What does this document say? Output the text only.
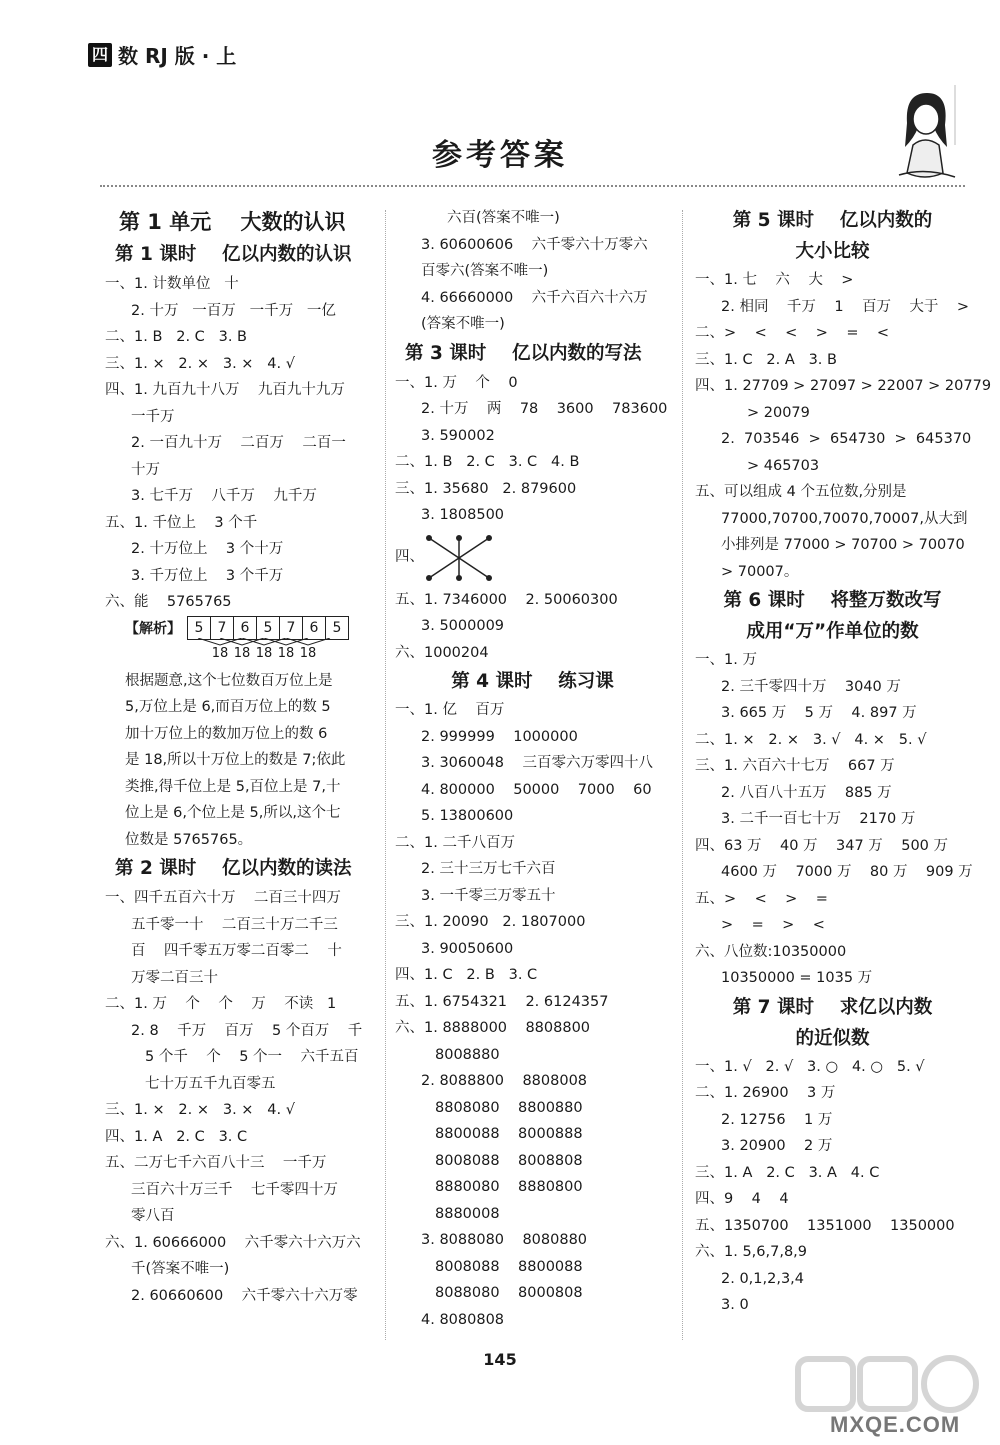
四 数 RJ 版 · 上
参考答案
第 1 单元    大数的认识
第 1 课时    亿以内数的认识
一、1. 计数单位   十
2. 十万   一百万   一千万   一亿
二、1. B   2. C   3. B
三、1. ×   2. ×   3. ×   4. √
四、1. 九百九十八万    九百九十九万
一千万
2. 一百九十万    二百万    二百一
十万
3. 七千万    八千万    九千万
五、1. 千位上    3 个千
2. 十万位上    3 个十万
3. 千万位上    3 个千万
六、能    5765765
【解析】 5	7	6	5	7	6	5
18 18 18 18 18
根据题意,这个七位数百万位上是
5,万位上是 6,而百万位上的数 5
加十万位上的数加万位上的数 6
是 18,所以十万位上的数是 7;依此
类推,得千位上是 5,百位上是 7,十
位上是 6,个位上是 5,所以,这个七
位数是 5765765。
第 2 课时    亿以内数的读法
一、四千五百六十万    二百三十四万
五千零一十    二百三十万二千三
百    四千零五万零二百零二    十
万零二百三十
二、1. 万    个    个    万    不读   1
2. 8    千万    百万    5 个百万    千
5 个千    个    5 个一    六千五百
七十万五千九百零五
三、1. ×   2. ×   3. ×   4. √
四、1. A   2. C   3. C
五、二万七千六百八十三    一千万
三百六十万三千    七千零四十万
零八百
六、1. 60666000    六千零六十六万六
千(答案不唯一)
2. 60660600    六千零六十六万零
六百(答案不唯一)
3. 60600606    六千零六十万零六
百零六(答案不唯一)
4. 66660000    六千六百六十六万
(答案不唯一)
第 3 课时    亿以内数的写法
一、1. 万    个    0
2. 十万    两    78    3600    783600
3. 590002
二、1. B   2. C   3. C   4. B
三、1. 35680   2. 879600
3. 1808500
四、
五、1. 7346000    2. 50060300
3. 5000009
六、1000204
第 4 课时    练习课
一、1. 亿    百万
2. 999999    1000000
3. 3060048    三百零六万零四十八
4. 800000    50000    7000    60
5. 13800600
二、1. 二千八百万
2. 三十三万七千六百
3. 一千零三万零五十
三、1. 20090   2. 1807000
3. 90050600
四、1. C   2. B   3. C
五、1. 6754321    2. 6124357
六、1. 8888000    8808800
8008880
2. 8088800    8808008
8808080    8800880
8800088    8000888
8008088    8008808
8880080    8880800
8880008
3. 8088080    8080880
8008088    8800088
8088080    8000808
4. 8080808
第 5 课时    亿以内数的
大小比较
一、1. 七    六    大    >
2. 相同    千万    1    百万    大于    >
二、>    <    <    >    =    <
三、1. C   2. A   3. B
四、1. 27709 > 27097 > 22007 > 20779
> 20079
2.  703546  >  654730  >  645370
> 465703
五、可以组成 4 个五位数,分别是
77000,70700,70070,70007,从大到
小排列是 77000 > 70700 > 70070
> 70007。
第 6 课时    将整万数改写
成用“万”作单位的数
一、1. 万
2. 三千零四十万    3040 万
3. 665 万    5 万    4. 897 万
二、1. ×   2. ×   3. √   4. ×   5. √
三、1. 六百六十七万    667 万
2. 八百八十五万    885 万
3. 二千一百七十万    2170 万
四、63 万    40 万    347 万    500 万
4600 万    7000 万    80 万    909 万
五、>    <    >    =
>    =    >    <
六、八位数:10350000
10350000 = 1035 万
第 7 课时    求亿以内数
的近似数
一、1. √   2. √   3. ○   4. ○   5. √
二、1. 26900    3 万
2. 12756    1 万
3. 20900    2 万
三、1. A   2. C   3. A   4. C
四、9    4    4
五、1350700    1351000    1350000
六、1. 5,6,7,8,9
2. 0,1,2,3,4
3. 0
145
MXQE.COM
